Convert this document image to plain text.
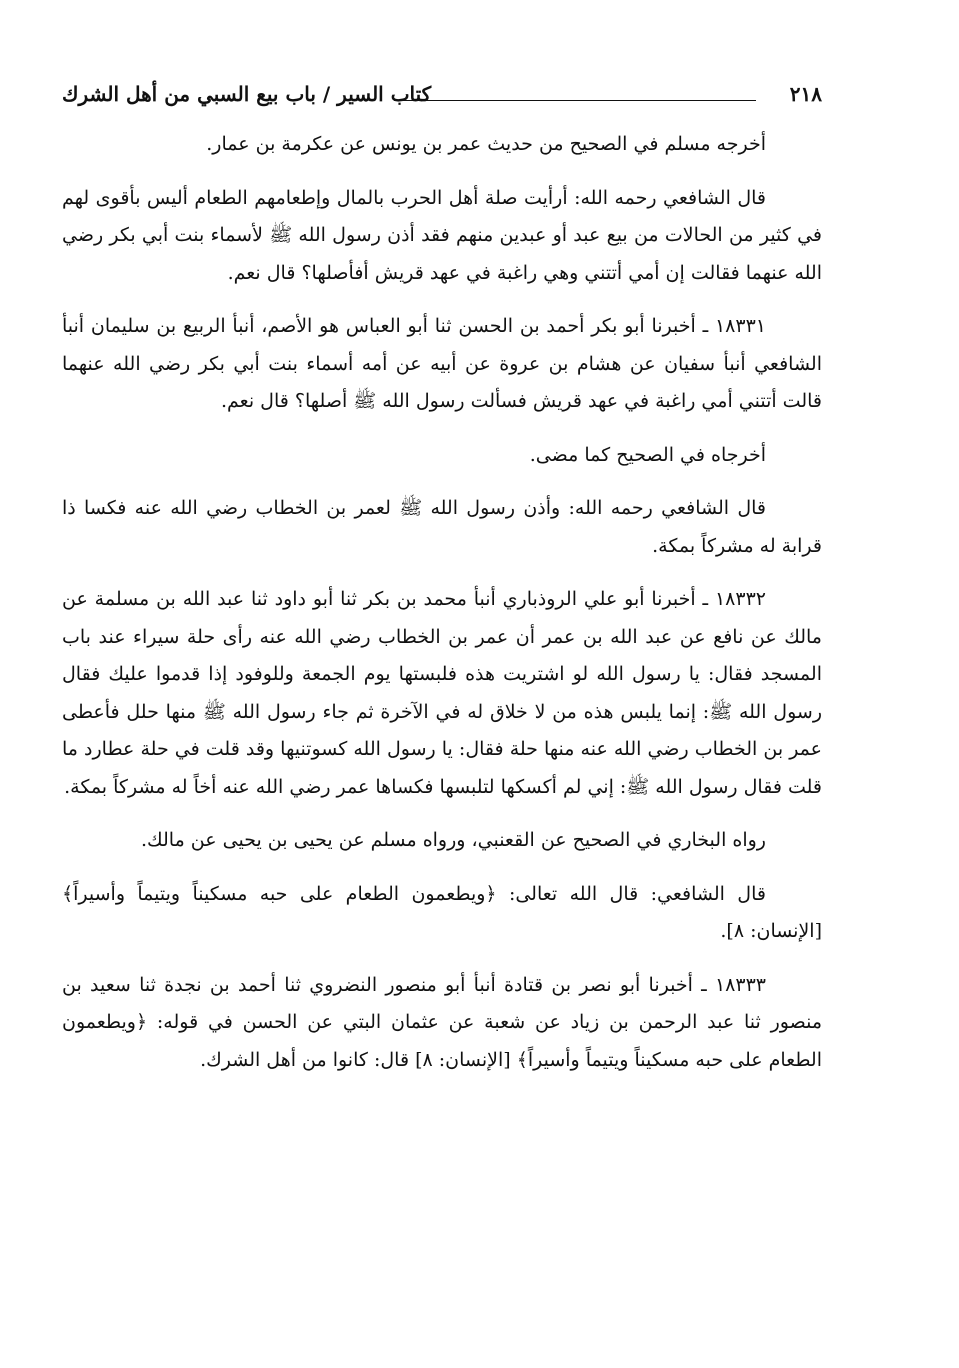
٢١٨
كتاب السير / باب بيع السبي من أهل الشرك

أخرجه مسلم في الصحيح من حديث عمر بن يونس عن عكرمة بن عمار.

قال الشافعي رحمه الله: أرأيت صلة أهل الحرب بالمال وإطعامهم الطعام أليس بأقوى لهم في كثير من الحالات من بيع عبد أو عبدين منهم فقد أذن رسول الله ﷺ لأسماء بنت أبي بكر رضي الله عنهما فقالت إن أمي أتتني وهي راغبة في عهد قريش أفأصلها؟ قال نعم.

١٨٣٣١ ـ أخبرنا أبو بكر أحمد بن الحسن ثنا أبو العباس هو الأصم، أنبأ الربيع بن سليمان أنبأ الشافعي أنبأ سفيان عن هشام بن عروة عن أبيه عن أمه أسماء بنت أبي بكر رضي الله عنهما قالت أتتني أمي راغبة في عهد قريش فسألت رسول الله ﷺ أصلها؟ قال نعم.

أخرجاه في الصحيح كما مضى.

قال الشافعي رحمه الله: وأذن رسول الله ﷺ لعمر بن الخطاب رضي الله عنه فكسا ذا قرابة له مشركاً بمكة.

١٨٣٣٢ ـ أخبرنا أبو علي الروذباري أنبأ محمد بن بكر ثنا أبو داود ثنا عبد الله بن مسلمة عن مالك عن نافع عن عبد الله بن عمر أن عمر بن الخطاب رضي الله عنه رأى حلة سيراء عند باب المسجد فقال: يا رسول الله لو اشتريت هذه فلبستها يوم الجمعة وللوفود إذا قدموا عليك فقال رسول الله ﷺ: إنما يلبس هذه من لا خلاق له في الآخرة ثم جاء رسول الله ﷺ منها حلل فأعطى عمر بن الخطاب رضي الله عنه منها حلة فقال: يا رسول الله كسوتنيها وقد قلت في حلة عطارد ما قلت فقال رسول الله ﷺ: إني لم أكسكها لتلبسها فكساها عمر رضي الله عنه أخاً له مشركاً بمكة.

رواه البخاري في الصحيح عن القعنبي، ورواه مسلم عن يحيى بن يحيى عن مالك.

قال الشافعي: قال الله تعالى: ﴿ويطعمون الطعام على حبه مسكيناً ويتيماً وأسيراً﴾ [الإنسان: ٨].

١٨٣٣٣ ـ أخبرنا أبو نصر بن قتادة أنبأ أبو منصور النضروي ثنا أحمد بن نجدة ثنا سعيد بن منصور ثنا عبد الرحمن بن زياد عن شعبة عن عثمان البتي عن الحسن في قوله: ﴿ويطعمون الطعام على حبه مسكيناً ويتيماً وأسيراً﴾ [الإنسان: ٨] قال: كانوا من أهل الشرك.
